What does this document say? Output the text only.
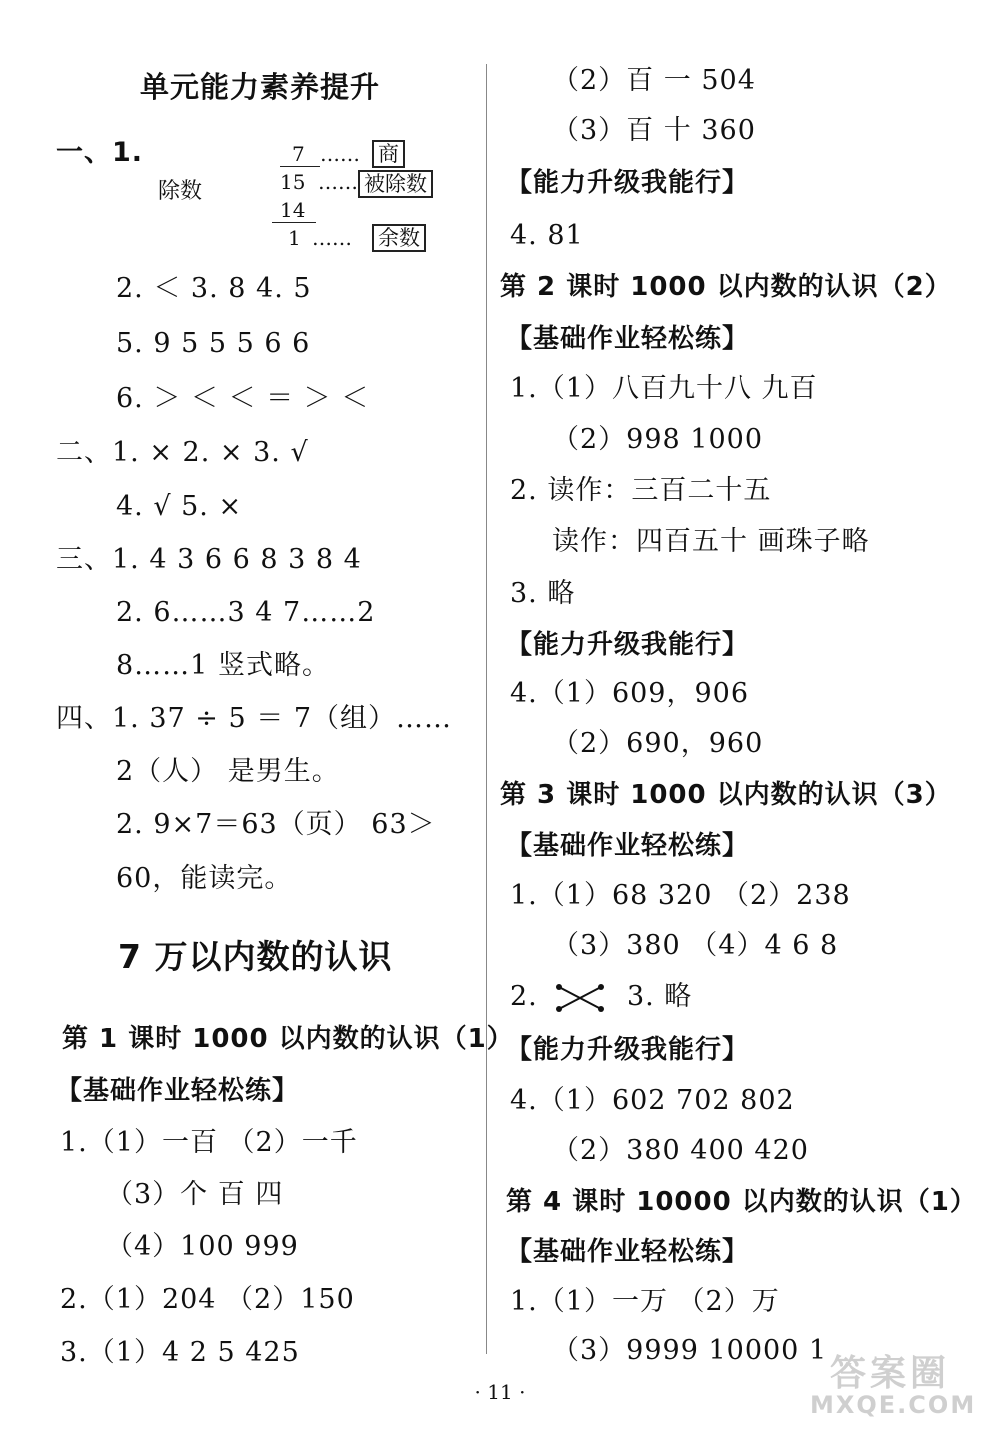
单元能力素养提升
一、1.
除数
7 …… 商
15 …… 被除数
14
1 …… 余数
2. ＜ 3. 8 4. 5
5. 9 5 5 5 6 6
6. ＞ ＜ ＜ ＝ ＞ ＜
二、1. × 2. × 3. √
4. √ 5. ×
三、1. 4 3 6 6 8 3 8 4
2. 6……3 4 7……2
8……1 竖式略。
四、1. 37 ÷ 5 ＝ 7（组）……
2（人） 是男生。
2. 9×7＝63（页） 63＞
60，能读完。
7 万以内数的认识
第 1 课时 1000 以内数的认识（1）
【基础作业轻松练】
1.（1）一百 （2）一千
（3）个 百 四
（4）100 999
2.（1）204 （2）150
3.（1）4 2 5 425
（2）百 一 504
（3）百 十 360
【能力升级我能行】
4. 81
第 2 课时 1000 以内数的认识（2）
【基础作业轻松练】
1.（1）八百九十八 九百
（2）998 1000
2. 读作：三百二十五
读作：四百五十 画珠子略
3. 略
【能力升级我能行】
4.（1）609，906
（2）690，960
第 3 课时 1000 以内数的认识（3）
【基础作业轻松练】
1.（1）68 320 （2）238
（3）380 （4）4 6 8
2.	3. 略
【能力升级我能行】
4.（1）602 702 802
（2）380 400 420
第 4 课时 10000 以内数的认识（1）
【基础作业轻松练】
1.（1）一万 （2）万
（3）9999 10000 1
· 11 ·	答案圈
MXQE.COM
